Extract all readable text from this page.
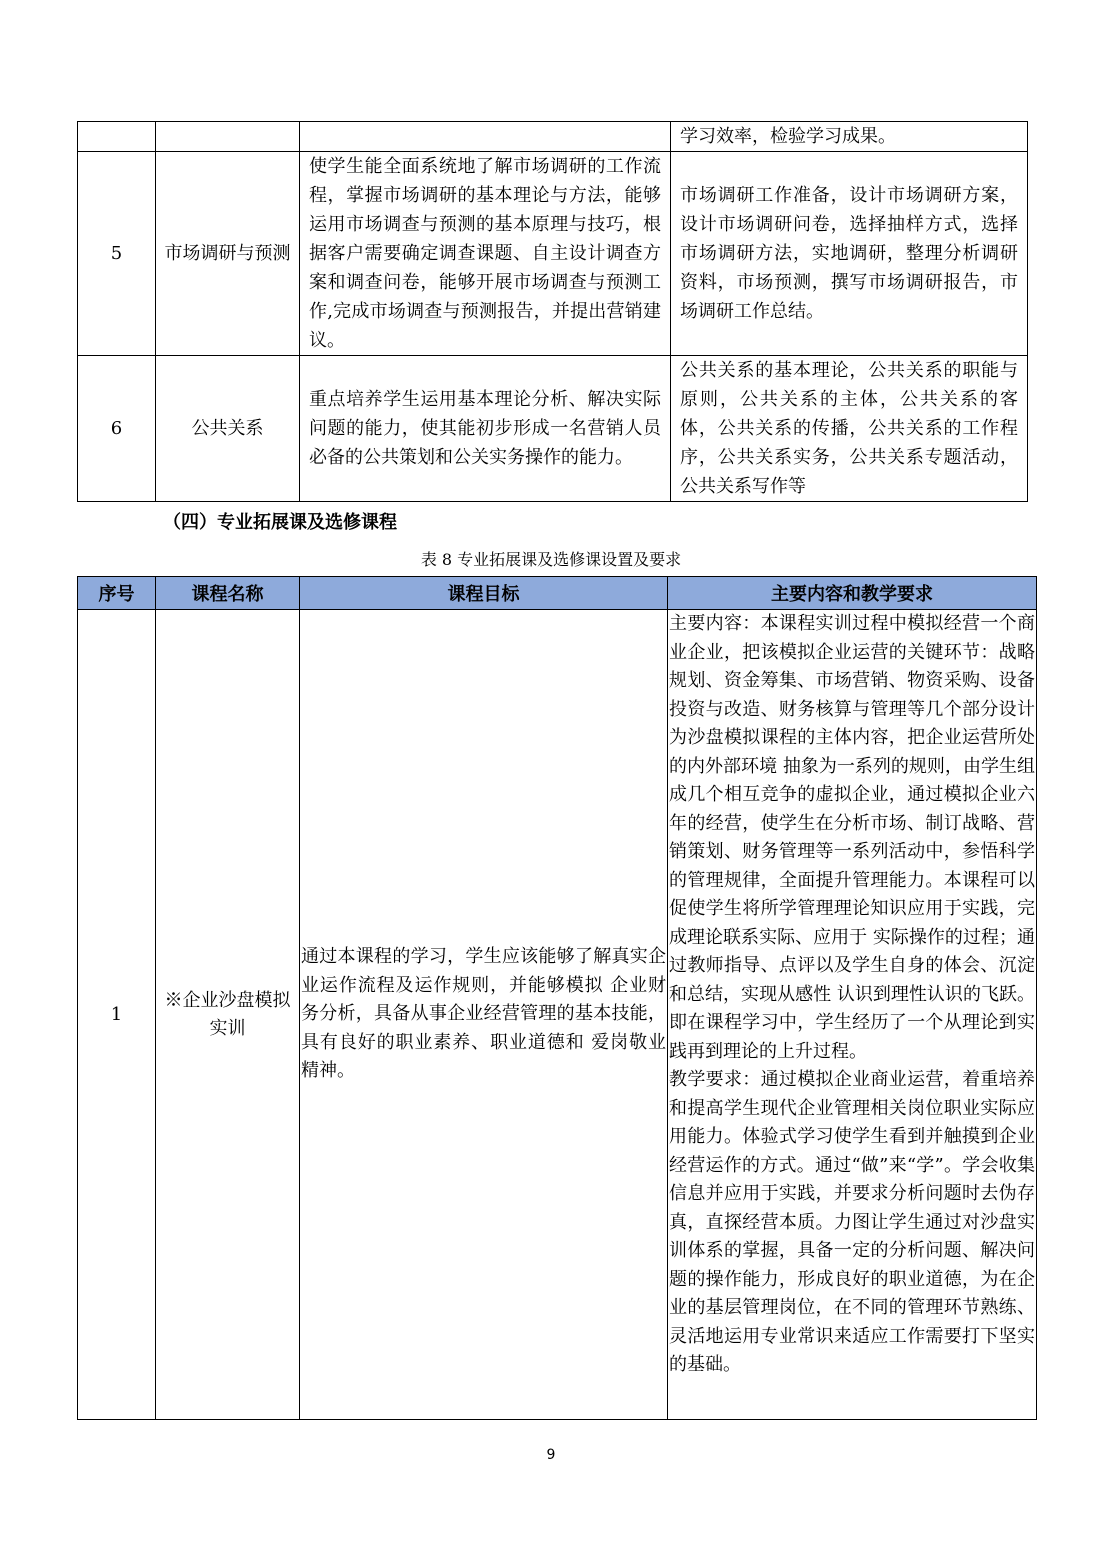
			学习效率，检验学习成果。
5	市场调研与预测	使学生能全面系统地了解市场调研的工作流程，掌握市场调研的基本理论与方法，能够运用市场调查与预测的基本原理与技巧，根据客户需要确定调查课题、自主设计调查方案和调查问卷，能够开展市场调查与预测工作,完成市场调查与预测报告，并提出营销建议。	市场调研工作准备，设计市场调研方案，设计市场调研问卷，选择抽样方式，选择市场调研方法，实地调研，整理分析调研资料，市场预测，撰写市场调研报告，市场调研工作总结。
6	公共关系	重点培养学生运用基本理论分析、解决实际问题的能力，使其能初步形成一名营销人员必备的公共策划和公关实务操作的能力。	公共关系的基本理论，公共关系的职能与原则，公共关系的主体，公共关系的客体，公共关系的传播，公共关系的工作程序，公共关系实务，公共关系专题活动，公共关系写作等
（四）专业拓展课及选修课程
表 8 专业拓展课及选修课设置及要求
序号	课程名称	课程目标	主要内容和教学要求
1	※企业沙盘模拟实训	通过本课程的学习，学生应该能够了解真实企业运作流程及运作规则，并能够模拟 企业财务分析，具备从事企业经营管理的基本技能，具有良好的职业素养、职业道德和 爱岗敬业精神。	主要内容：本课程实训过程中模拟经营一个商业企业，把该模拟企业运营的关键环节：战略规划、资金筹集、市场营销、物资采购、设备投资与改造、财务核算与管理等几个部分设计为沙盘模拟课程的主体内容，把企业运营所处的内外部环境 抽象为一系列的规则，由学生组成几个相互竞争的虚拟企业，通过模拟企业六年的经营，使学生在分析市场、制订战略、营销策划、财务管理等一系列活动中，参悟科学的管理规律，全面提升管理能力。本课程可以促使学生将所学管理理论知识应用于实践，完成理论联系实际、应用于 实际操作的过程；通过教师指导、点评以及学生自身的体会、沉淀和总结，实现从感性 认识到理性认识的飞跃。即在课程学习中，学生经历了一个从理论到实践再到理论的上升过程。

教学要求：通过模拟企业商业运营，着重培养和提高学生现代企业管理相关岗位职业实际应用能力。体验式学习使学生看到并触摸到企业经营运作的方式。通过“做”来“学”。学会收集信息并应用于实践，并要求分析问题时去伪存真，直探经营本质。力图让学生通过对沙盘实训体系的掌握，具备一定的分析问题、解决问题的操作能力，形成良好的职业道德，为在企业的基层管理岗位，在不同的管理环节熟练、灵活地运用专业常识来适应工作需要打下坚实的基础。

9
